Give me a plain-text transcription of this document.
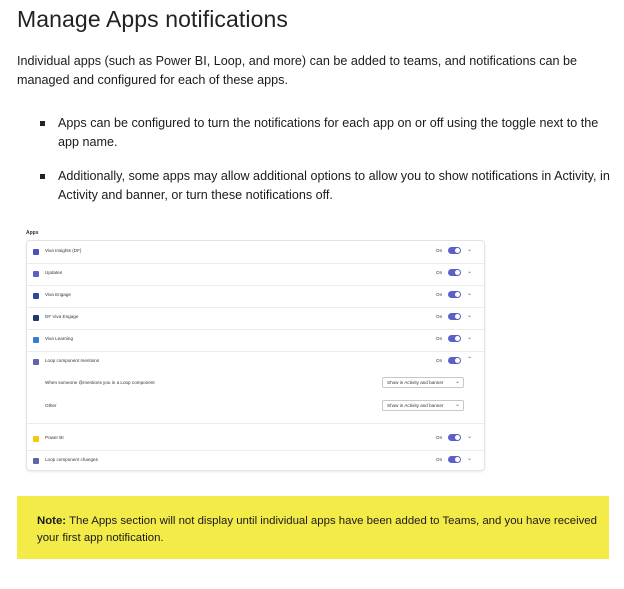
Manage Apps notifications
Individual apps (such as Power BI, Loop, and more) can be added to teams, and notifications can be managed and configured for each of these apps.
Apps can be configured to turn the notifications for each app on or off using the toggle next to the app name.
Additionally, some apps may allow additional options to allow you to show notifications in Activity, in Activity and banner, or turn these notifications off.
Apps
Viva Insights (DF)	On	⌄
Updates	On	⌄
Viva Engage	On	⌄
DF Viva Engage	On	⌄
Viva Learning	On	⌄
Loop component mentions	On	⌃
When someone @mentions you in a Loop component	Show in Activity and banner ⌄
Other	Show in Activity and banner ⌄
Power BI	On	⌄
Loop component changes	On	⌄
Note: The Apps section will not display until individual apps have been added to Teams, and you have received your first app notification.
